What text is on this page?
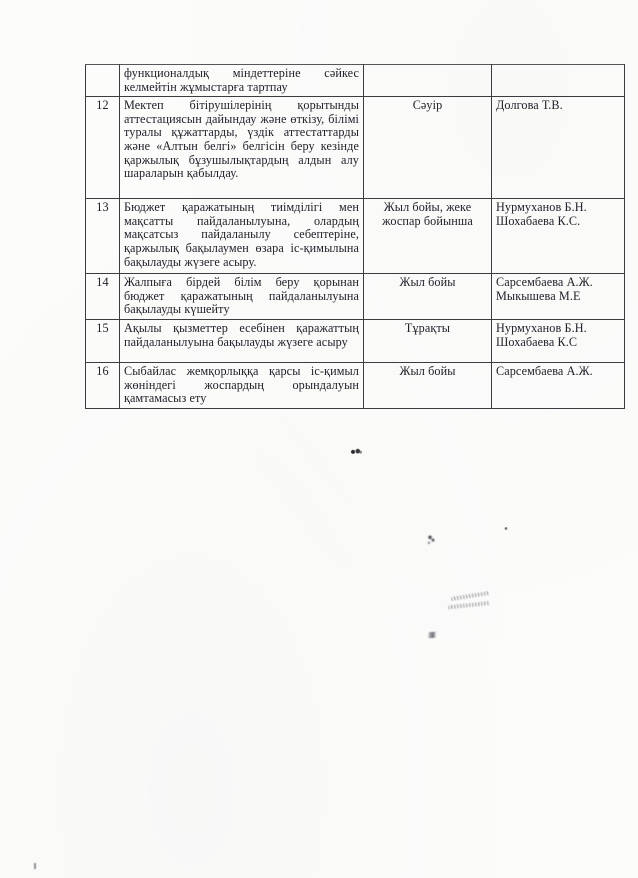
	функционалдық міндеттеріне сәйкес келмейтін жұмыстарға тартпау		
12	Мектеп бітірушілерінің қорытынды аттестациясын дайындау және өткізу, білімі туралы құжаттарды, үздік аттестаттарды және «Алтын белгі» белгісін беру кезінде қаржылық бұзушылықтардың алдын алу шараларын қабылдау.	Сәуір	Долгова Т.В.

13	Бюджет қаражатының тиімділігі мен мақсатты пайдаланылуына, олардың мақсатсыз пайдаланылу себептеріне, қаржылық бақылаумен өзара іс-қимылына бақылауды жүзеге асыру.	Жыл бойы, жеке жоспар бойынша	Нурмуханов Б.Н.
Шохабаева К.С.

14	Жалпыға бірдей білім беру қорынан бюджет қаражатының пайдаланылуына бақылауды күшейту	Жыл бойы	Сарсембаева А.Ж.
Мыкышева М.Е

15	Ақылы қызметтер есебінен қаражаттың пайдаланылуына бақылауды жүзеге асыру	Тұрақты	Нурмуханов Б.Н.
Шохабаева К.С

16	Сыбайлас жемқорлыққа қарсы іс-қимыл жөніндегі жоспардың орындалуын қамтамасыз ету	Жыл бойы	Сарсембаева А.Ж.
